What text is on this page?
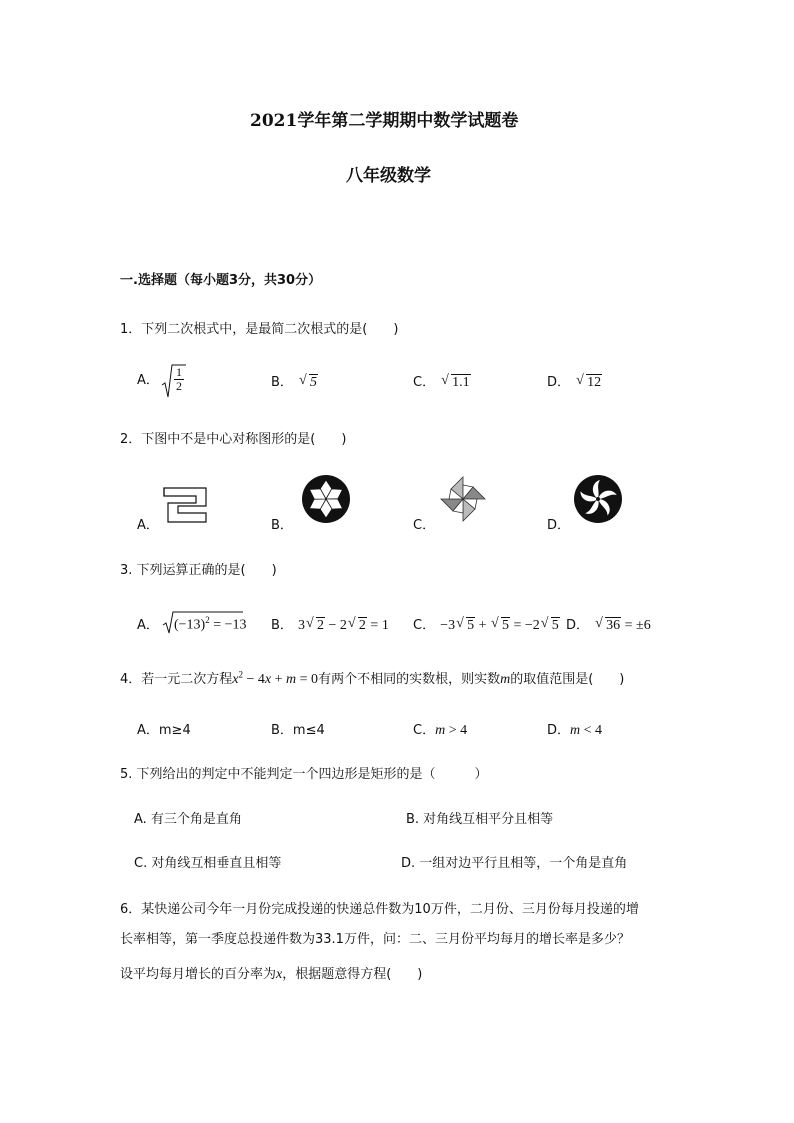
2021学年第二学期期中数学试题卷
八年级数学
一.选择题（每小题3分，共30分）
1．下列二次根式中，是最简二次根式的是(　　)
A． $\frac{1}{2}$	B． √ 5	C． √ 1.1	D． √ 12
2．下图中不是中心对称图形的是(　　)
A．	B．	C．	D．
3. 下列运算正确的是(　　)
A． $(-13)^2 = -13$ B． 3 √ 2 − 2 √ 2 = 1 C． −3 √ 5 + √ 5 = −2 √ 5 D． √ 36 = ±6
4．若一元二次方程$x^2 - 4x + m = 0$有两个不相同的实数根，则实数m的取值范围是(　　)
A．m≥4	B．m≤4	C．m > 4	D．m < 4
5. 下列给出的判定中不能判定一个四边形是矩形的是（　　　）
A. 有三个角是直角	B. 对角线互相平分且相等
C. 对角线互相垂直且相等	D. 一组对边平行且相等，一个角是直角
6．某快递公司今年一月份完成投递的快递总件数为10万件，二月份、三月份每月投递的增
长率相等，第一季度总投递件数为33.1万件，问：二、三月份平均每月的增长率是多少？
设平均每月增长的百分率为x，根据题意得方程(　　)
